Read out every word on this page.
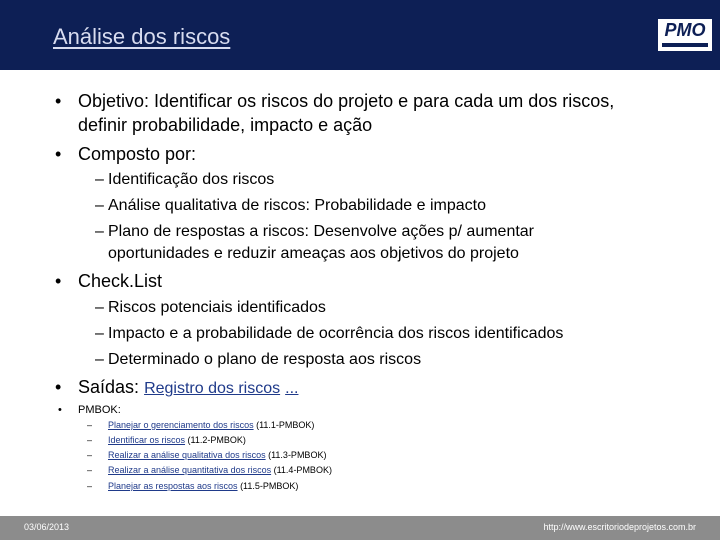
Análise dos riscos	PMO
• Objetivo: Identificar os riscos do projeto e para cada um dos riscos,
definir probabilidade, impacto e ação
• Composto por:
– Identificação dos riscos
– Análise qualitativa de riscos: Probabilidade e impacto
– Plano de respostas a riscos: Desenvolve ações p/ aumentar
oportunidades e reduzir ameaças aos objetivos do projeto
• Check.List
– Riscos potenciais identificados
– Impacto e a probabilidade de ocorrência dos riscos identificados
– Determinado o plano de resposta aos riscos
• Saídas: Registro dos riscos ...
• PMBOK:
– Planejar o gerenciamento dos riscos (11.1-PMBOK)
– Identificar os riscos (11.2-PMBOK)
– Realizar a análise qualitativa dos riscos (11.3-PMBOK)
– Realizar a análise quantitativa dos riscos (11.4-PMBOK)
– Planejar as respostas aos riscos (11.5-PMBOK)
03/06/2013	http://www.escritoriodeprojetos.com.br
